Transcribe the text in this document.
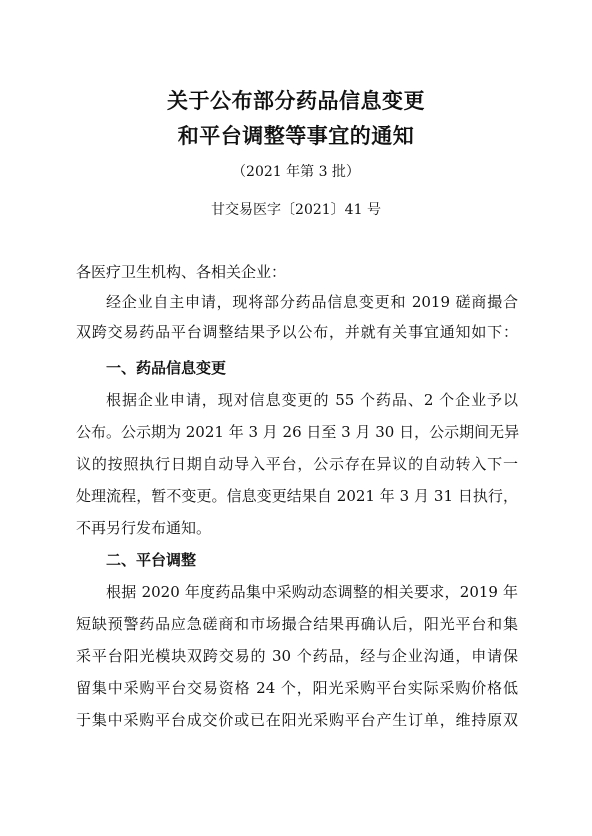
关于公布部分药品信息变更
和平台调整等事宜的通知
（2021 年第 3 批）
甘交易医字〔2021〕41 号
各医疗卫生机构、各相关企业：
经企业自主申请，现将部分药品信息变更和 2019 磋商撮合
双跨交易药品平台调整结果予以公布，并就有关事宜通知如下：
一、药品信息变更
根据企业申请，现对信息变更的 55 个药品、2 个企业予以
公布。公示期为 2021 年 3 月 26 日至 3 月 30 日，公示期间无异
议的按照执行日期自动导入平台，公示存在异议的自动转入下一
处理流程，暂不变更。信息变更结果自 2021 年 3 月 31 日执行，
不再另行发布通知。
二、平台调整
根据 2020 年度药品集中采购动态调整的相关要求，2019 年
短缺预警药品应急磋商和市场撮合结果再确认后，阳光平台和集
采平台阳光模块双跨交易的 30 个药品，经与企业沟通，申请保
留集中采购平台交易资格 24 个，阳光采购平台实际采购价格低
于集中采购平台成交价或已在阳光采购平台产生订单，维持原双
